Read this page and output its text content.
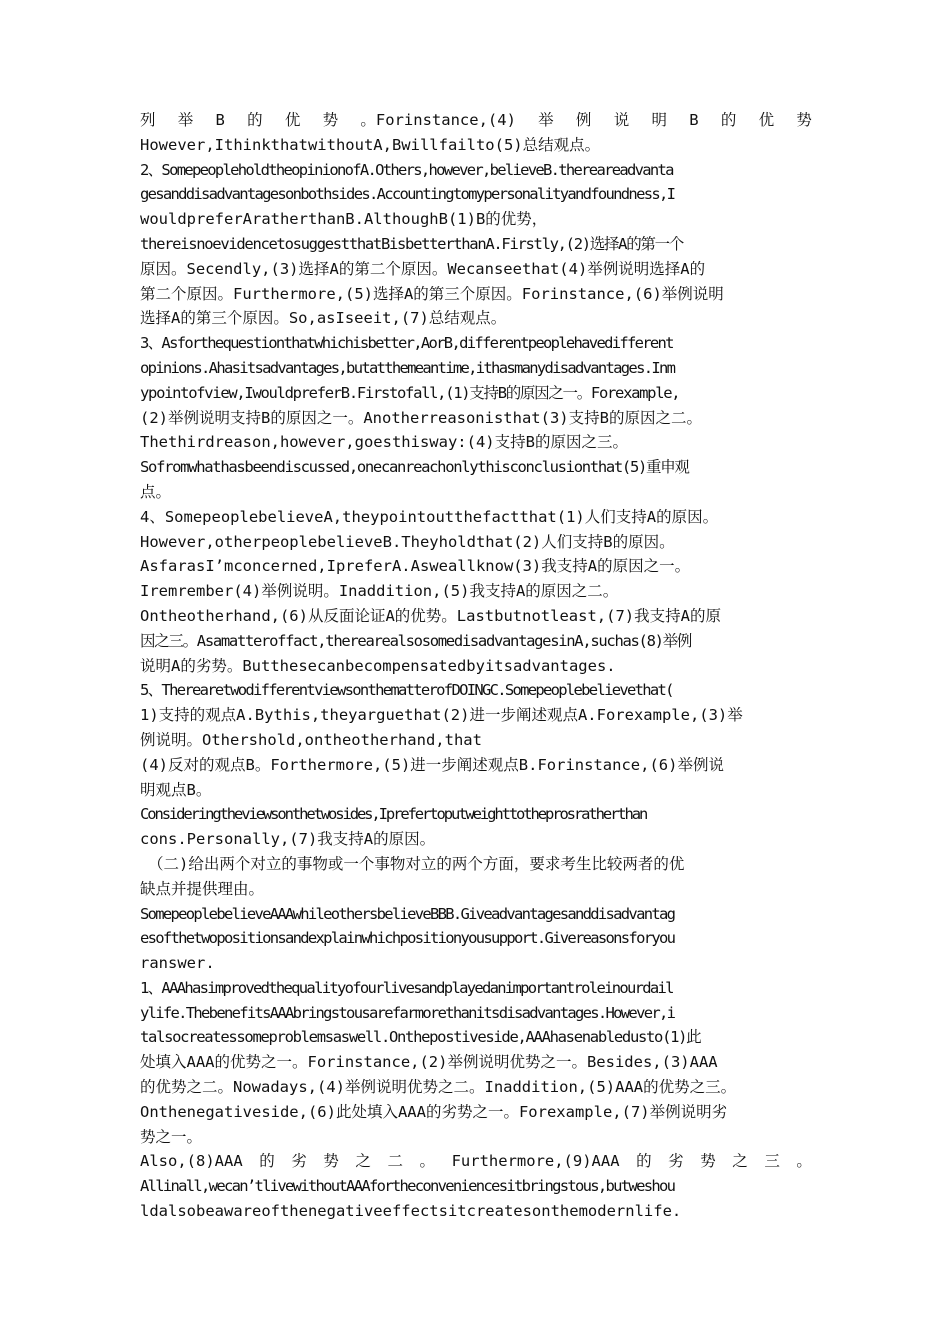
列 举 B 的 优 势 。Forinstance,(4) 举 例 说 明 B 的 优 势
However,IthinkthatwithoutA,Bwillfailto(5)总结观点。
2、SomepeopleholdtheopinionofA.Others,however,believeB.thereareadvanta
gesanddisadvantagesonbothsides.Accountingtomypersonalityandfoundness,I
wouldpreferAratherthanB.AlthoughB(1)B的优势，
thereisnoevidencetosuggestthatBisbetterthanA.Firstly,(2)选择A的第一个
原因。Secendly,(3)选择A的第二个原因。Wecanseethat(4)举例说明选择A的
第二个原因。Furthermore,(5)选择A的第三个原因。Forinstance,(6)举例说明
选择A的第三个原因。So,asIseeit,(7)总结观点。
3、Asforthequestionthatwhichisbetter,AorB,differentpeoplehavedifferent
opinions.Ahasitsadvantages,butatthemeantime,ithasmanydisadvantages.Inm
ypointofview,IwouldpreferB.Firstofall,(1)支持B的原因之一。Forexample,
(2)举例说明支持B的原因之一。Anotherreasonisthat(3)支持B的原因之二。
Thethirdreason,however,goesthisway:(4)支持B的原因之三。
Sofromwhathasbeendiscussed,onecanreachonlythisconclusionthat(5)重申观
点。
4、SomepeoplebelieveA,theypointoutthefactthat(1)人们支持A的原因。
However,otherpeoplebelieveB.Theyholdthat(2)人们支持B的原因。
AsfarasI’mconcerned,IpreferA.Asweallknow(3)我支持A的原因之一。
Iremrember(4)举例说明。Inaddition,(5)我支持A的原因之二。
Ontheotherhand,(6)从反面论证A的优势。Lastbutnotleast,(7)我支持A的原
因之三。Asamatteroffact,therearealsosomedisadvantagesinA,suchas(8)举例
说明A的劣势。Butthesecanbecompensatedbyitsadvantages.
5、TherearetwodifferentviewsonthematterofDOINGC.Somepeoplebelievethat(
1)支持的观点A.Bythis,theyarguethat(2)进一步阐述观点A.Forexample,(3)举
例说明。Othershold,ontheotherhand,that
(4)反对的观点B。Forthermore,(5)进一步阐述观点B.Forinstance,(6)举例说
明观点B。
Consideringtheviewsonthetwosides,Iprefertoputweighttotheprosratherthan
cons.Personally,(7)我支持A的原因。
（二)给出两个对立的事物或一个事物对立的两个方面，要求考生比较两者的优
缺点并提供理由。
SomepeoplebelieveAAAwhileothersbelieveBBB.Giveadvantagesanddisadvantag
esofthetwopositionsandexplainwhichpositionyousupport.Givereasonsforyou
ranswer.
1、AAAhasimprovedthequalityofourlivesandplayedanimportantroleinourdail
ylife.ThebenefitsAAAbringstousarefarmorethanitsdisadvantages.However,i
talsocreatessomeproblemsaswell.Onthepostiveside,AAAhasenabledusto(1)此
处填入AAA的优势之一。Forinstance,(2)举例说明优势之一。Besides,(3)AAA
的优势之二。Nowadays,(4)举例说明优势之二。Inaddition,(5)AAA的优势之三。
Onthenegativeside,(6)此处填入AAA的劣势之一。Forexample,(7)举例说明劣
势之一。
Also,(8)AAA 的 劣 势 之 二 。 Furthermore,(9)AAA 的 劣 势 之 三 。
Allinall,wecan’tlivewithoutAAAfortheconveniencesitbringstous,butweshou
ldalsobeawareofthenegativeeffectsitcreatesonthemodernlife.
